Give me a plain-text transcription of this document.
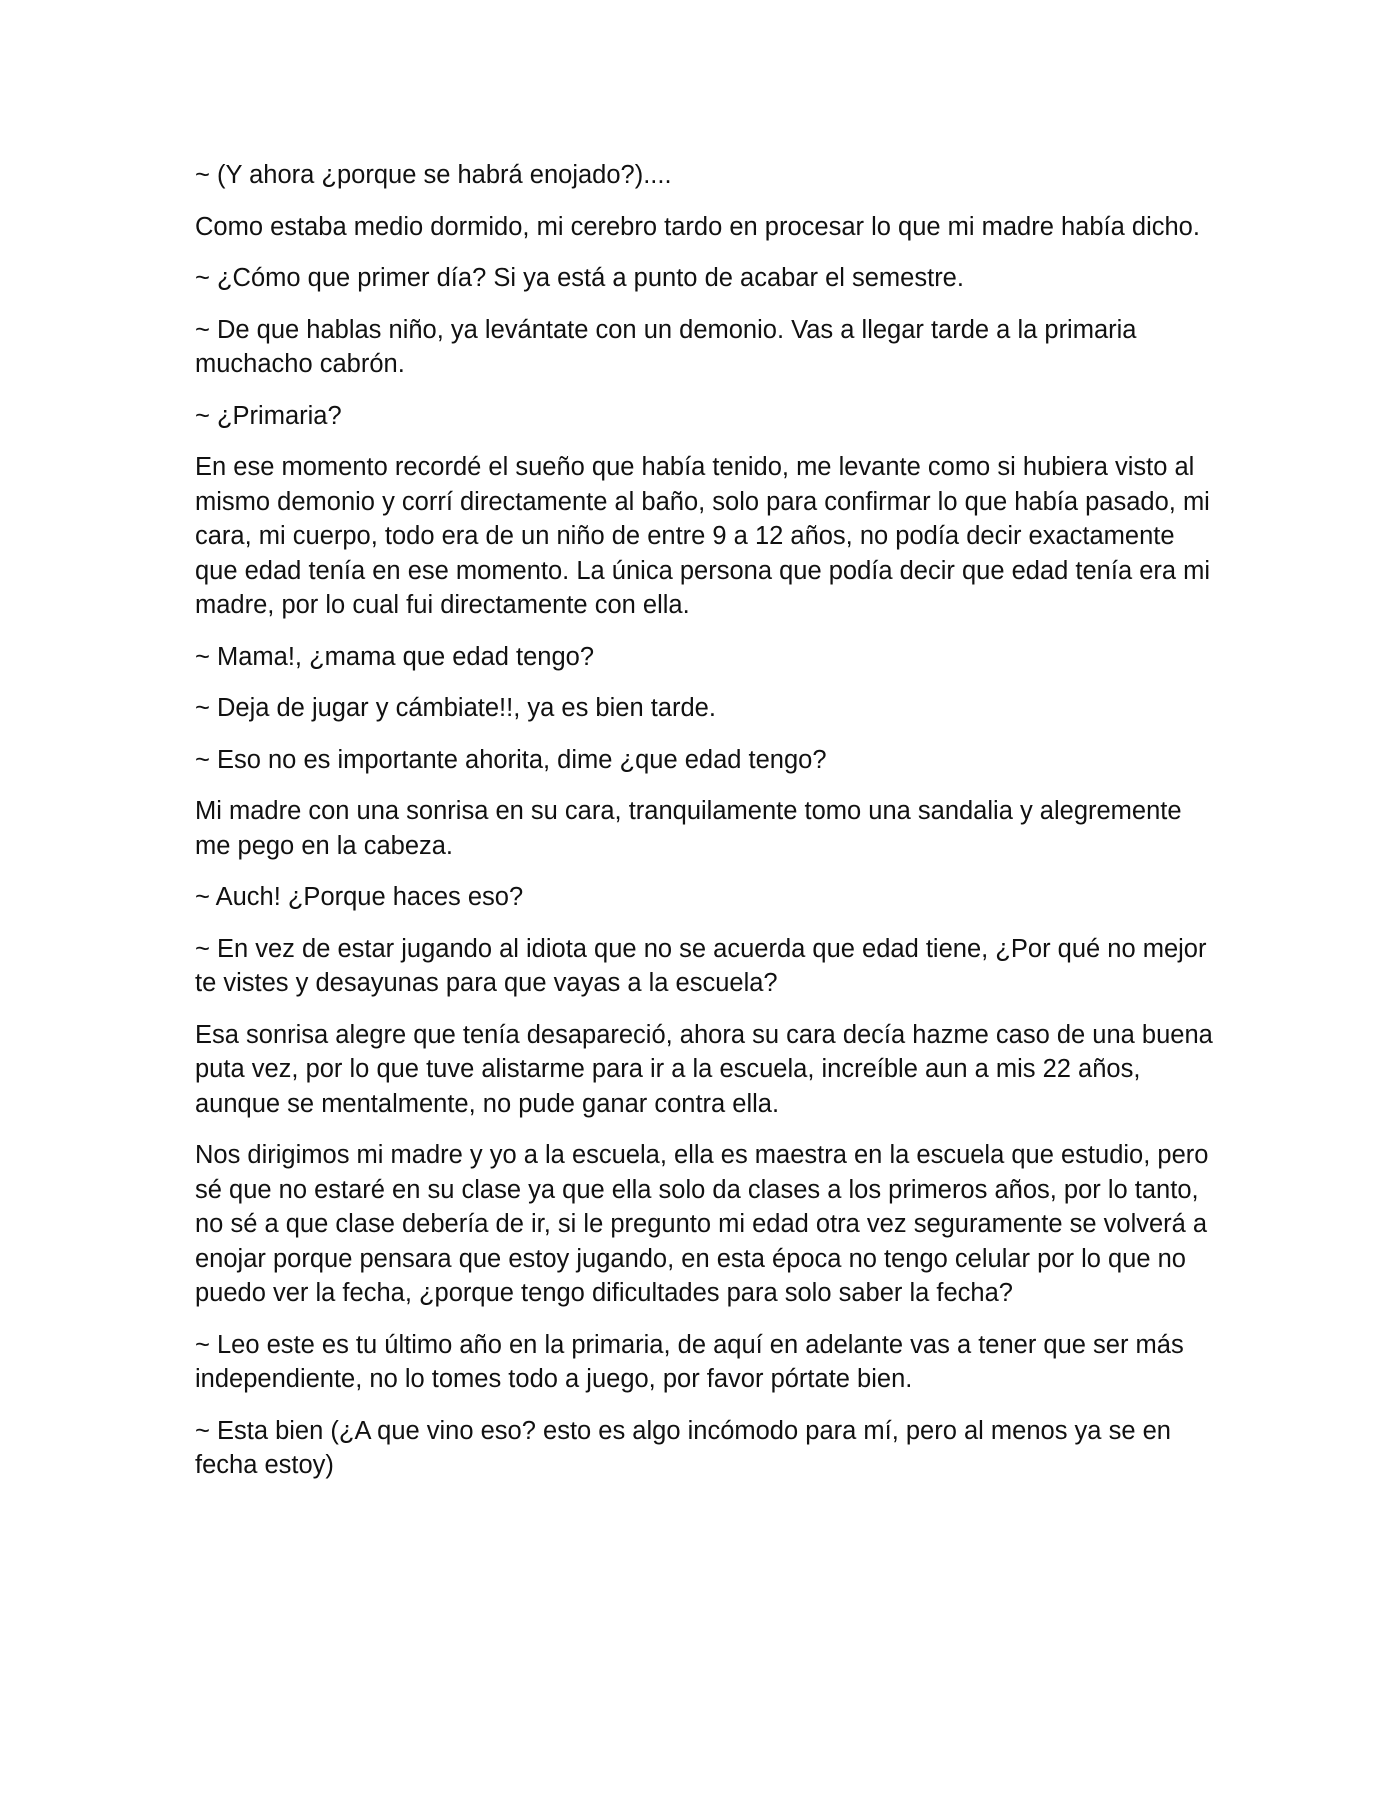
~ (Y ahora ¿porque se habrá enojado?)....

Como estaba medio dormido, mi cerebro tardo en procesar lo que mi madre había dicho.

~ ¿Cómo que primer día? Si ya está a punto de acabar el semestre.

~ De que hablas niño, ya levántate con un demonio. Vas a llegar tarde a la primaria muchacho cabrón.

~ ¿Primaria?

En ese momento recordé el sueño que había tenido, me levante como si hubiera visto al mismo demonio y corrí directamente al baño, solo para confirmar lo que había pasado, mi cara, mi cuerpo, todo era de un niño de entre 9 a 12 años, no podía decir exactamente que edad tenía en ese momento. La única persona que podía decir que edad tenía era mi madre, por lo cual fui directamente con ella.

~ Mama!, ¿mama que edad tengo?

~ Deja de jugar y cámbiate!!, ya es bien tarde.

~ Eso no es importante ahorita, dime ¿que edad tengo?

Mi madre con una sonrisa en su cara, tranquilamente tomo una sandalia y alegremente me pego en la cabeza.

~ Auch! ¿Porque haces eso?

~ En vez de estar jugando al idiota que no se acuerda que edad tiene, ¿Por qué no mejor te vistes y desayunas para que vayas a la escuela?

Esa sonrisa alegre que tenía desapareció, ahora su cara decía hazme caso de una buena puta vez, por lo que tuve alistarme para ir a la escuela, increíble aun a mis 22 años, aunque se mentalmente, no pude ganar contra ella.

Nos dirigimos mi madre y yo a la escuela, ella es maestra en la escuela que estudio, pero sé que no estaré en su clase ya que ella solo da clases a los primeros años, por lo tanto, no sé a que clase debería de ir, si le pregunto mi edad otra vez seguramente se volverá a enojar porque pensara que estoy jugando, en esta época no tengo celular por lo que no puedo ver la fecha, ¿porque tengo dificultades para solo saber la fecha?

~ Leo este es tu último año en la primaria, de aquí en adelante vas a tener que ser más independiente, no lo tomes todo a juego, por favor pórtate bien.

~ Esta bien (¿A que vino eso? esto es algo incómodo para mí, pero al menos ya se en fecha estoy)
